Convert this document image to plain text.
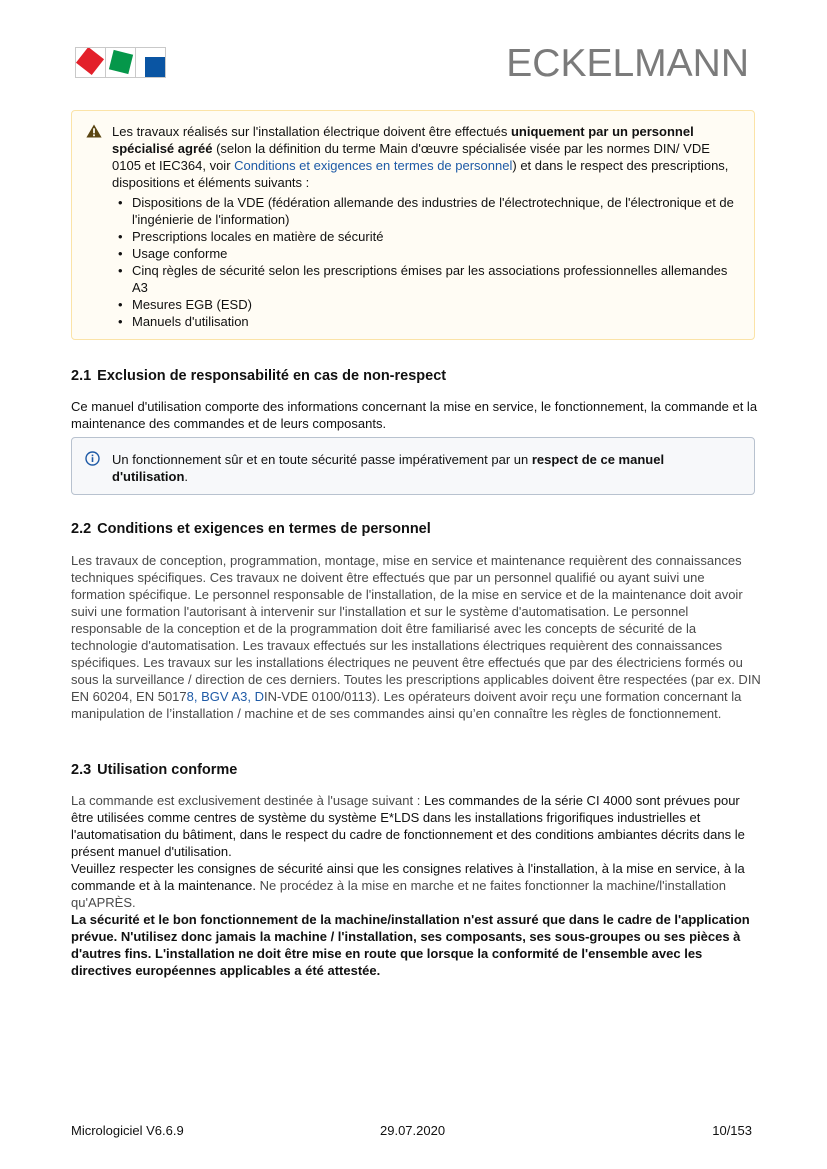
ECKELMANN
Les travaux réalisés sur l'installation électrique doivent être effectués uniquement par un personnel spécialisé agréé (selon la définition du terme Main d'œuvre spécialisée visée par les normes DIN/ VDE 0105 et IEC364, voir Conditions et exigences en termes de personnel) et dans le respect des prescriptions, dispositions et éléments suivants :
• Dispositions de la VDE (fédération allemande des industries de l'électrotechnique, de l'électronique et de l'ingénierie de l'information)
• Prescriptions locales en matière de sécurité
• Usage conforme
• Cinq règles de sécurité selon les prescriptions émises par les associations professionnelles allemandes A3
• Mesures EGB (ESD)
• Manuels d'utilisation
2.1 Exclusion de responsabilité en cas de non-respect

Ce manuel d'utilisation comporte des informations concernant la mise en service, le fonctionnement, la commande et la maintenance des commandes et de leurs composants.

Un fonctionnement sûr et en toute sécurité passe impérativement par un respect de ce manuel d'utilisation.
2.2 Conditions et exigences en termes de personnel

Les travaux de conception, programmation, montage, mise en service et maintenance requièrent des connaissances techniques spécifiques. Ces travaux ne doivent être effectués que par un personnel qualifié ou ayant suivi une formation spécifique. Le personnel responsable de l'installation, de la mise en service et de la maintenance doit avoir suivi une formation l'autorisant à intervenir sur l'installation et sur le système d'automatisation. Le personnel responsable de la conception et de la programmation doit être familiarisé avec les concepts de sécurité de la technologie d'automatisation. Les travaux effectués sur les installations électriques requièrent des connaissances spécifiques. Les travaux sur les installations électriques ne peuvent être effectués que par des électriciens formés ou sous la surveillance / direction de ces derniers. Toutes les prescriptions applicables doivent être respectées (par ex. DIN EN 60204, EN 50178, BGV A3, DIN-VDE 0100/0113). Les opérateurs doivent avoir reçu une formation concernant la manipulation de l’installation / machine et de ses commandes ainsi qu’en connaître les règles de fonctionnement.

2.3 Utilisation conforme

La commande est exclusivement destinée à l'usage suivant : Les commandes de la série CI 4000 sont prévues pour être utilisées comme centres de système du système E*LDS dans les installations frigorifiques industrielles et l'automatisation du bâtiment, dans le respect du cadre de fonctionnement et des conditions ambiantes décrits dans le présent manuel d'utilisation.
Veuillez respecter les consignes de sécurité ainsi que les consignes relatives à l'installation, à la mise en service, à la commande et à la maintenance. Ne procédez à la mise en marche et ne faites fonctionner la machine/l'installation qu'APRÈS.
La sécurité et le bon fonctionnement de la machine/installation n'est assuré que dans le cadre de l'application prévue. N'utilisez donc jamais la machine / l'installation, ses composants, ses sous-groupes ou ses pièces à d'autres fins. L'installation ne doit être mise en route que lorsque la conformité de l'ensemble avec les directives européennes applicables a été attestée.

Micrologiciel V6.6.9	29.07.2020	10/153
